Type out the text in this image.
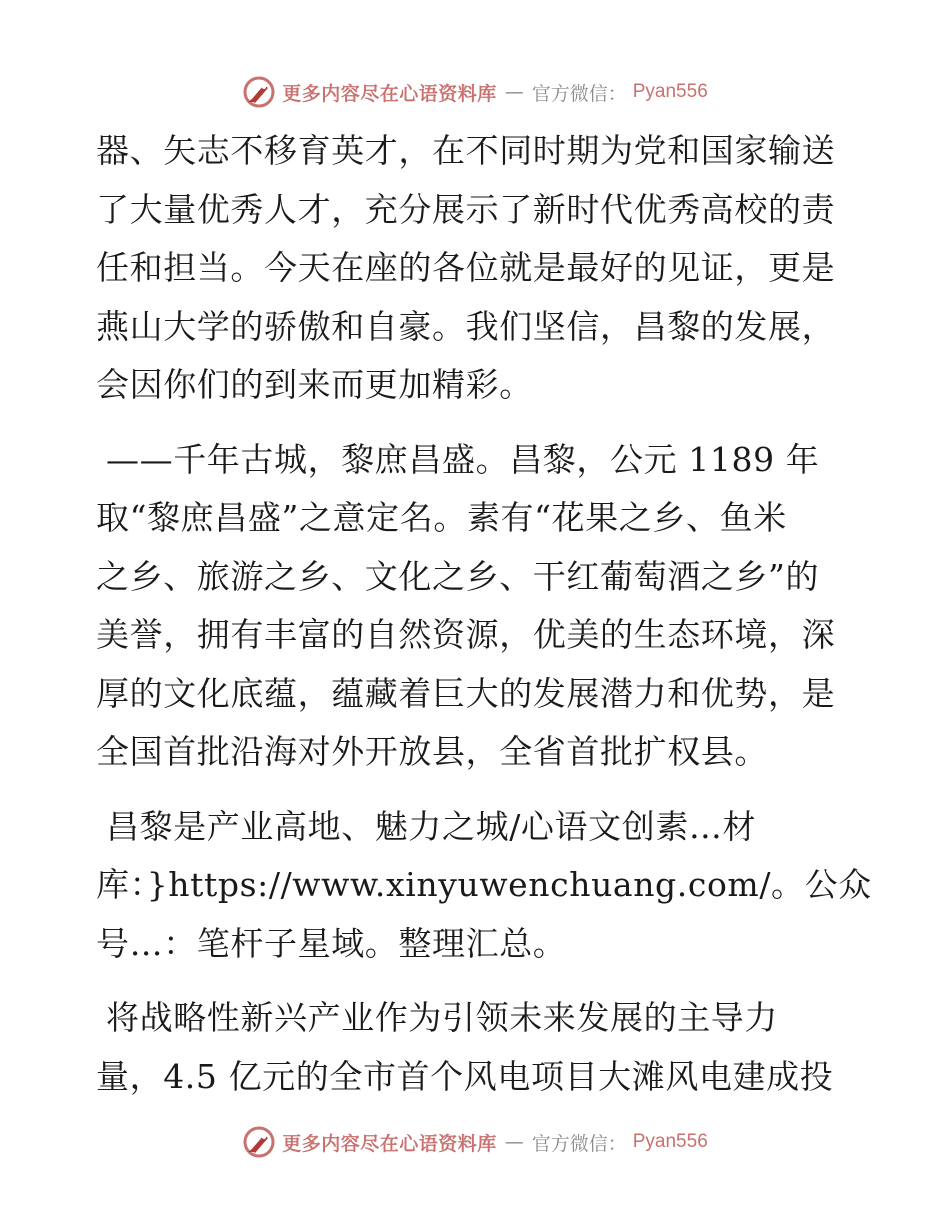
更多内容尽在心语资料库 — 官方微信： Pyan556
器、矢志不移育英才，在不同时期为党和国家输送
了大量优秀人才，充分展示了新时代优秀高校的责
任和担当。今天在座的各位就是最好的见证，更是
燕山大学的骄傲和自豪。我们坚信，昌黎的发展，
会因你们的到来而更加精彩。
——千年古城，黎庶昌盛。昌黎，公元 1189 年
取“黎庶昌盛”之意定名。素有“花果之乡、鱼米
之乡、旅游之乡、文化之乡、干红葡萄酒之乡”的
美誉，拥有丰富的自然资源，优美的生态环境，深
厚的文化底蕴，蕴藏着巨大的发展潜力和优势，是
全国首批沿海对外开放县，全省首批扩权县。
昌黎是产业高地、魅力之城/心语文创素…材
库：}https://www.xinyuwenchuang.com/。公众
号…：笔杆子星域。整理汇总。
将战略性新兴产业作为引领未来发展的主导力
量，4.5 亿元的全市首个风电项目大滩风电建成投
更多内容尽在心语资料库 — 官方微信： Pyan556
